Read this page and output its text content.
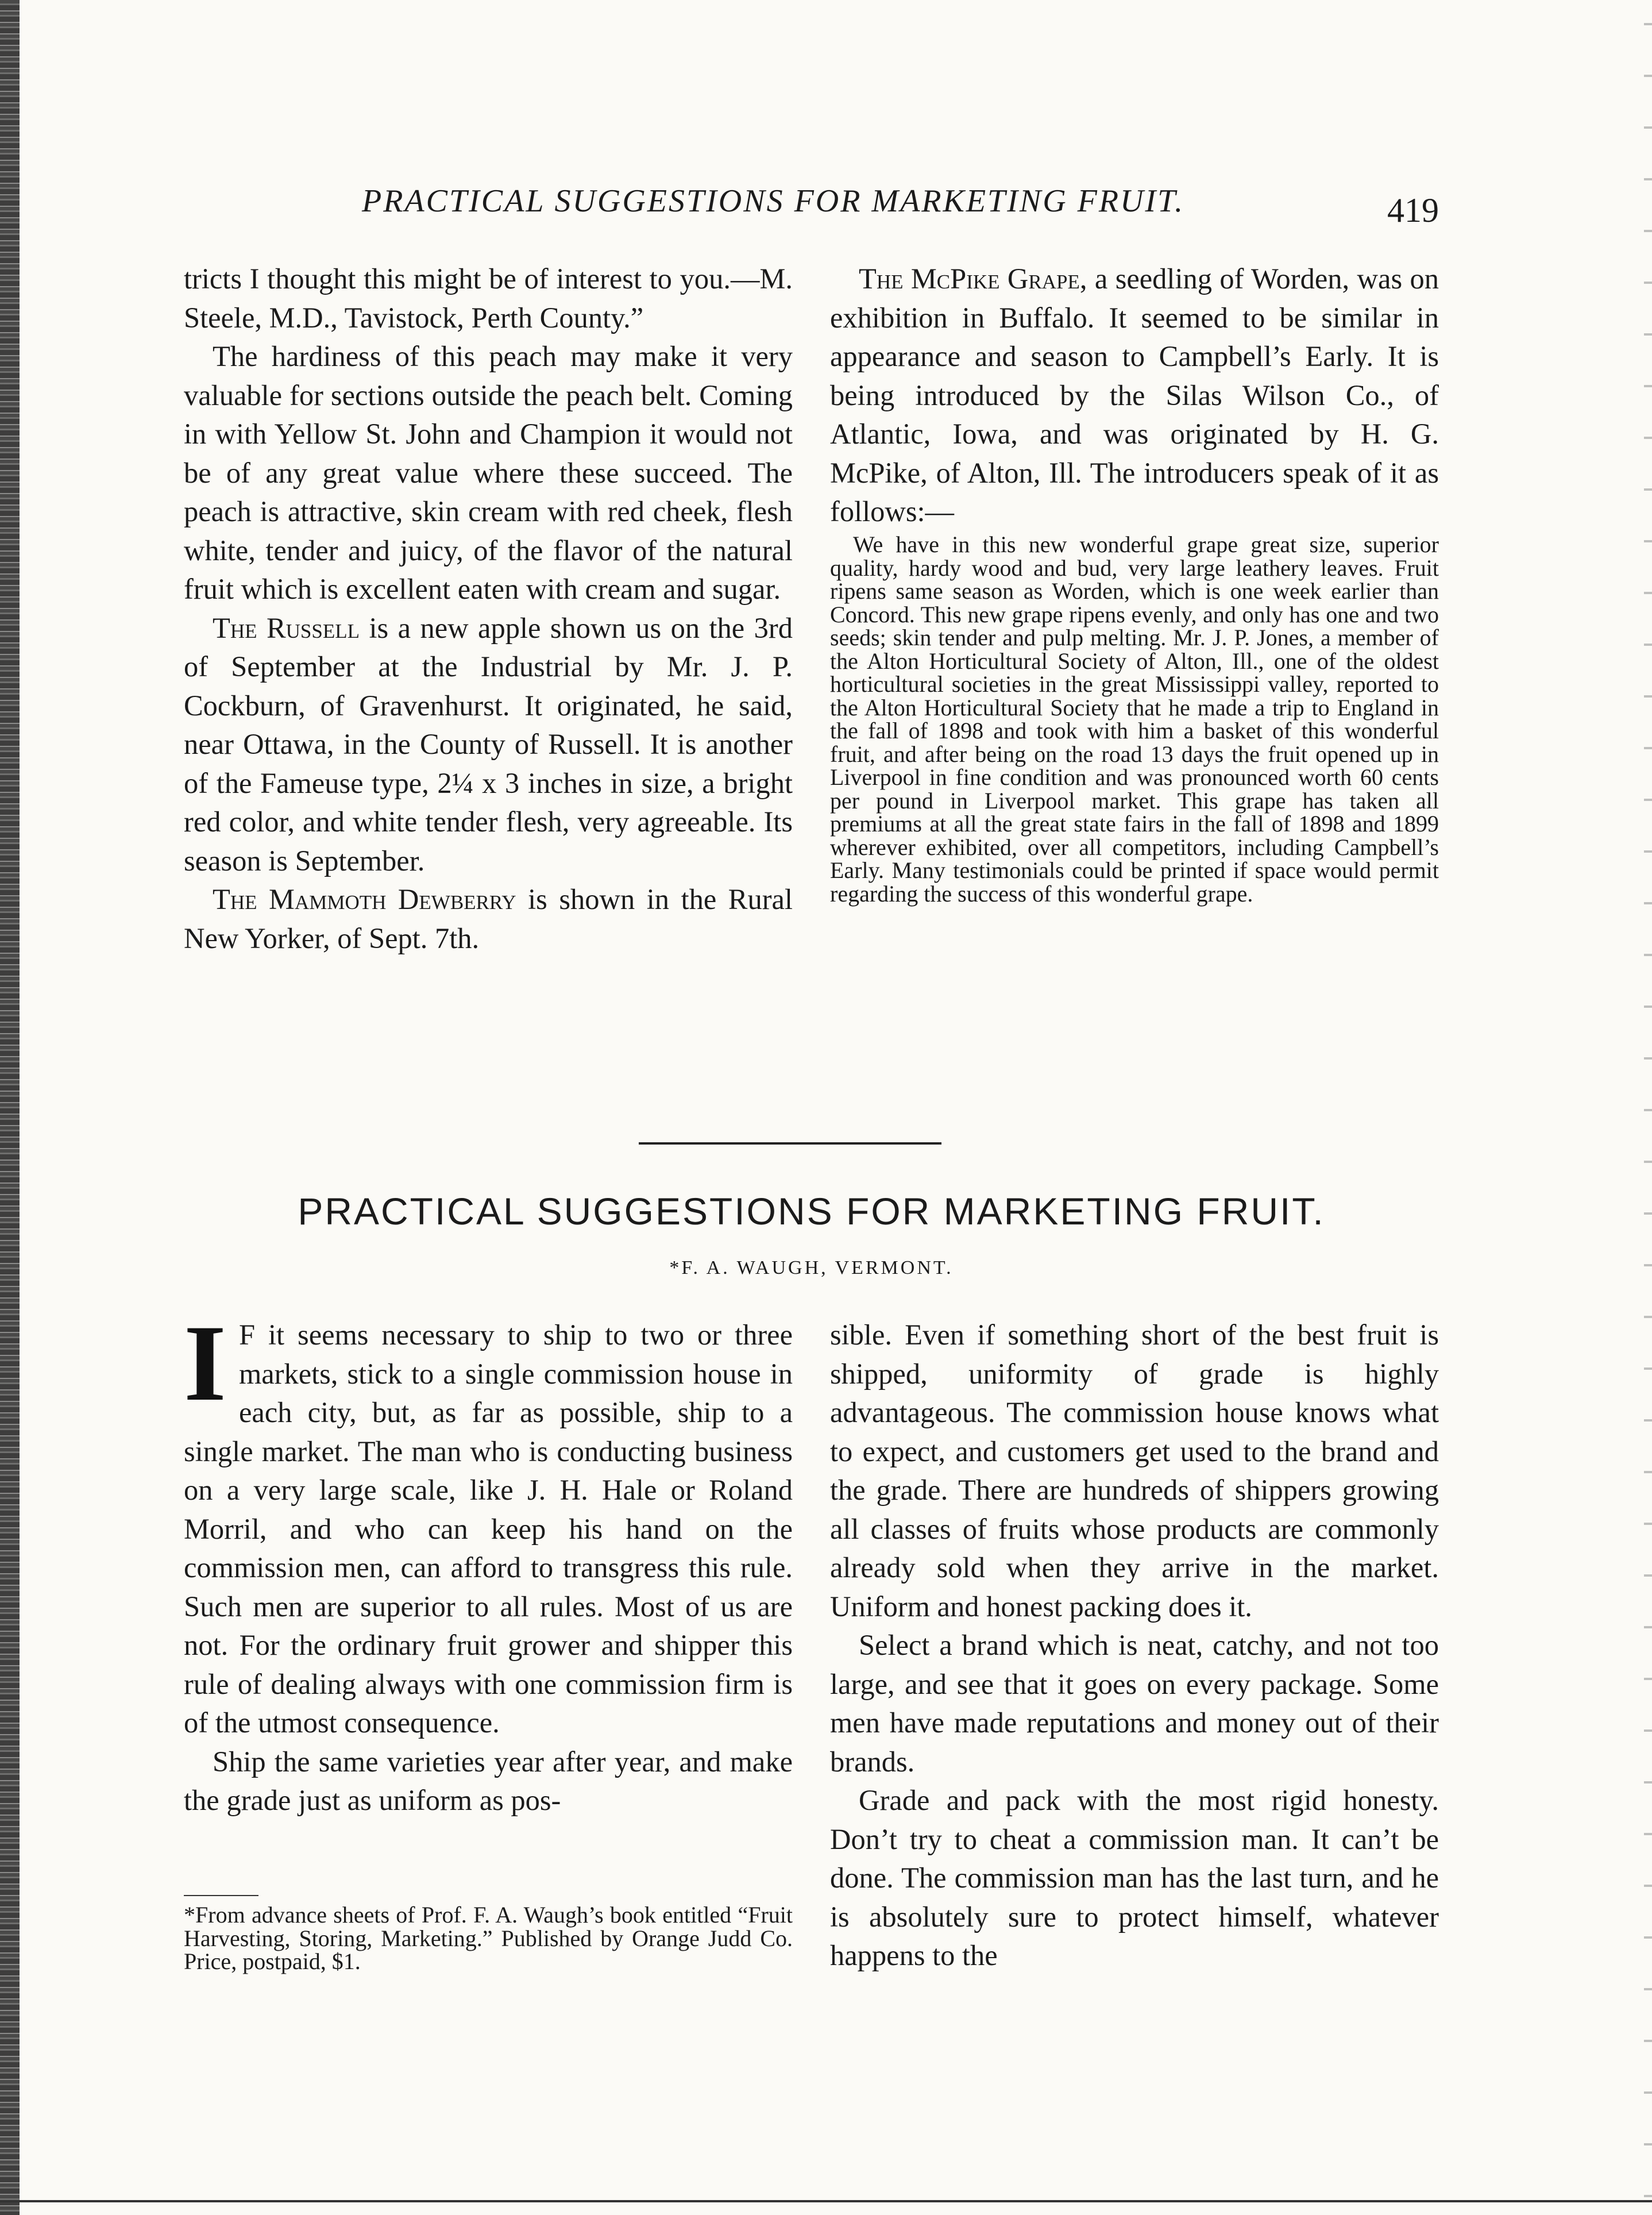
PRACTICAL SUGGESTIONS FOR MARKETING FRUIT.	419

tricts I thought this might be of interest to you.—M. Steele, M.D., Tavistock, Perth County.”

The hardiness of this peach may make it very valuable for sections outside the peach belt. Coming in with Yellow St. John and Champion it would not be of any great value where these succeed. The peach is attractive, skin cream with red cheek, flesh white, tender and juicy, of the flavor of the natural fruit which is excellent eaten with cream and sugar.

The Russell is a new apple shown us on the 3rd of September at the Industrial by Mr. J. P. Cockburn, of Gravenhurst. It originated, he said, near Ottawa, in the County of Russell. It is another of the Fameuse type, 2¼ x 3 inches in size, a bright red color, and white tender flesh, very agreeable. Its season is September.

The Mammoth Dewberry is shown in the Rural New Yorker, of Sept. 7th.

The McPike Grape, a seedling of Worden, was on exhibition in Buffalo. It seemed to be similar in appearance and season to Campbell’s Early. It is being introduced by the Silas Wilson Co., of Atlantic, Iowa, and was originated by H. G. McPike, of Alton, Ill. The introducers speak of it as follows:—

We have in this new wonderful grape great size, superior quality, hardy wood and bud, very large leathery leaves. Fruit ripens same season as Worden, which is one week earlier than Concord. This new grape ripens evenly, and only has one and two seeds; skin tender and pulp melting. Mr. J. P. Jones, a member of the Alton Horticultural Society of Alton, Ill., one of the oldest horticultural societies in the great Mississippi valley, reported to the Alton Horticultural Society that he made a trip to England in the fall of 1898 and took with him a basket of this wonderful fruit, and after being on the road 13 days the fruit opened up in Liverpool in fine condition and was pronounced worth 60 cents per pound in Liverpool market. This grape has taken all premiums at all the great state fairs in the fall of 1898 and 1899 wherever exhibited, over all competitors, including Campbell’s Early. Many testimonials could be printed if space would permit regarding the success of this wonderful grape.

PRACTICAL SUGGESTIONS FOR MARKETING FRUIT.
*F. A. WAUGH, VERMONT.

I F it seems necessary to ship to two or three markets, stick to a single commission house in each city, but, as far as possible, ship to a single market. The man who is conducting business on a very large scale, like J. H. Hale or Roland Morril, and who can keep his hand on the commission men, can afford to transgress this rule. Such men are superior to all rules. Most of us are not. For the ordinary fruit grower and shipper this rule of dealing always with one commission firm is of the utmost consequence.

Ship the same varieties year after year, and make the grade just as uniform as pos-

*From advance sheets of Prof. F. A. Waugh’s book entitled “Fruit Harvesting, Storing, Marketing.” Published by Orange Judd Co. Price, postpaid, $1.

sible. Even if something short of the best fruit is shipped, uniformity of grade is highly advantageous. The commission house knows what to expect, and customers get used to the brand and the grade. There are hundreds of shippers growing all classes of fruits whose products are commonly already sold when they arrive in the market. Uniform and honest packing does it.

Select a brand which is neat, catchy, and not too large, and see that it goes on every package. Some men have made reputations and money out of their brands.

Grade and pack with the most rigid honesty. Don’t try to cheat a commission man. It can’t be done. The commission man has the last turn, and he is absolutely sure to protect himself, whatever happens to the
